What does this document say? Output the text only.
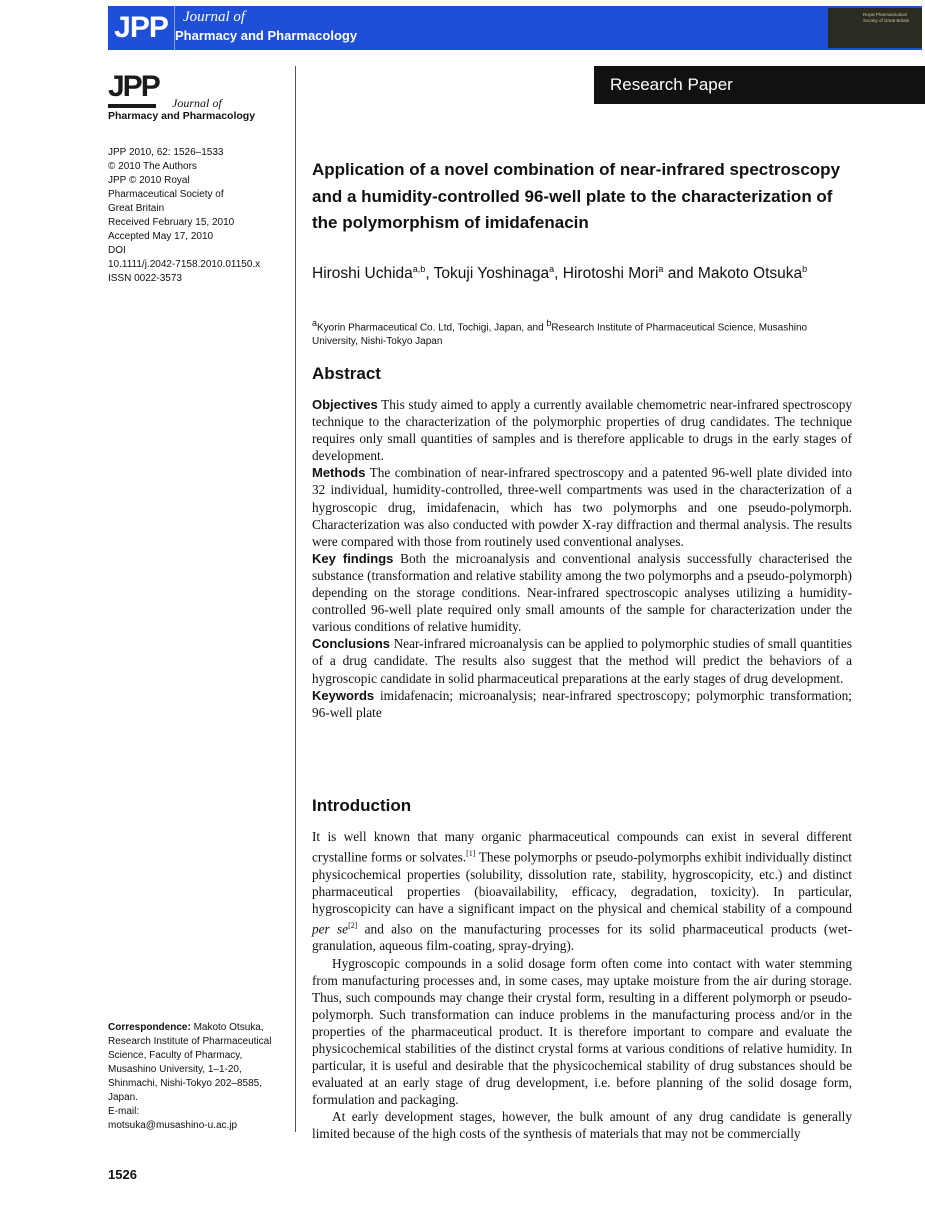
JPP	Journal of
Pharmacy and Pharmacology
Royal Pharmaceutical Society of Great Britain
JPP Journal of
Pharmacy and Pharmacology
JPP 2010, 62: 1526–1533
© 2010 The Authors
JPP © 2010 Royal
Pharmaceutical Society of
Great Britain
Received February 15, 2010
Accepted May 17, 2010
DOI
10.1111/j.2042-7158.2010.01150.x
ISSN 0022-3573
Research Paper
Application of a novel combination of near-infrared spectroscopy and a humidity-controlled 96-well plate to the characterization of the polymorphism of imidafenacin
Hiroshi Uchida$^{a,b}$, Tokuji Yoshinaga$^a$, Hirotoshi Mori$^a$ and Makoto Otsuka$^b$
$^a$Kyorin Pharmaceutical Co. Ltd, Tochigi, Japan, and $^b$Research Institute of Pharmaceutical Science, Musashino University, Nishi-Tokyo Japan
Abstract

Objectives This study aimed to apply a currently available chemometric near-infrared spectroscopy technique to the characterization of the polymorphic properties of drug candidates. The technique requires only small quantities of samples and is therefore applicable to drugs in the early stages of development.

Methods The combination of near-infrared spectroscopy and a patented 96-well plate divided into 32 individual, humidity-controlled, three-well compartments was used in the characterization of a hygroscopic drug, imidafenacin, which has two polymorphs and one pseudo-polymorph. Characterization was also conducted with powder X-ray diffraction and thermal analysis. The results were compared with those from routinely used conventional analyses.

Key findings Both the microanalysis and conventional analysis successfully characterised the substance (transformation and relative stability among the two polymorphs and a pseudo-polymorph) depending on the storage conditions. Near-infrared spectroscopic analyses utilizing a humidity-controlled 96-well plate required only small amounts of the sample for characterization under the various conditions of relative humidity.

Conclusions Near-infrared microanalysis can be applied to polymorphic studies of small quantities of a drug candidate. The results also suggest that the method will predict the behaviors of a hygroscopic candidate in solid pharmaceutical preparations at the early stages of drug development.

Keywords imidafenacin; microanalysis; near-infrared spectroscopy; polymorphic transformation; 96-well plate

Introduction

It is well known that many organic pharmaceutical compounds can exist in several different crystalline forms or solvates.[1] These polymorphs or pseudo-polymorphs exhibit individually distinct physicochemical properties (solubility, dissolution rate, stability, hygroscopicity, etc.) and distinct pharmaceutical properties (bioavailability, efficacy, degradation, toxicity). In particular, hygroscopicity can have a significant impact on the physical and chemical stability of a compound per se[2] and also on the manufacturing processes for its solid pharmaceutical products (wet-granulation, aqueous film-coating, spray-drying).

Hygroscopic compounds in a solid dosage form often come into contact with water stemming from manufacturing processes and, in some cases, may uptake moisture from the air during storage. Thus, such compounds may change their crystal form, resulting in a different polymorph or pseudo-polymorph. Such transformation can induce problems in the manufacturing process and/or in the properties of the pharmaceutical product. It is therefore important to compare and evaluate the physicochemical stabilities of the distinct crystal forms at various conditions of relative humidity. In particular, it is useful and desirable that the physicochemical stability of drug substances should be evaluated at an early stage of drug development, i.e. before planning of the solid dosage form, formulation and packaging.

At early development stages, however, the bulk amount of any drug candidate is generally limited because of the high costs of the synthesis of materials that may not be commercially

Correspondence: Makoto Otsuka, Research Institute of Pharmaceutical Science, Faculty of Pharmacy, Musashino University, 1–1-20, Shinmachi, Nishi-Tokyo 202–8585, Japan.
E-mail:
motsuka@musashino-u.ac.jp
1526
